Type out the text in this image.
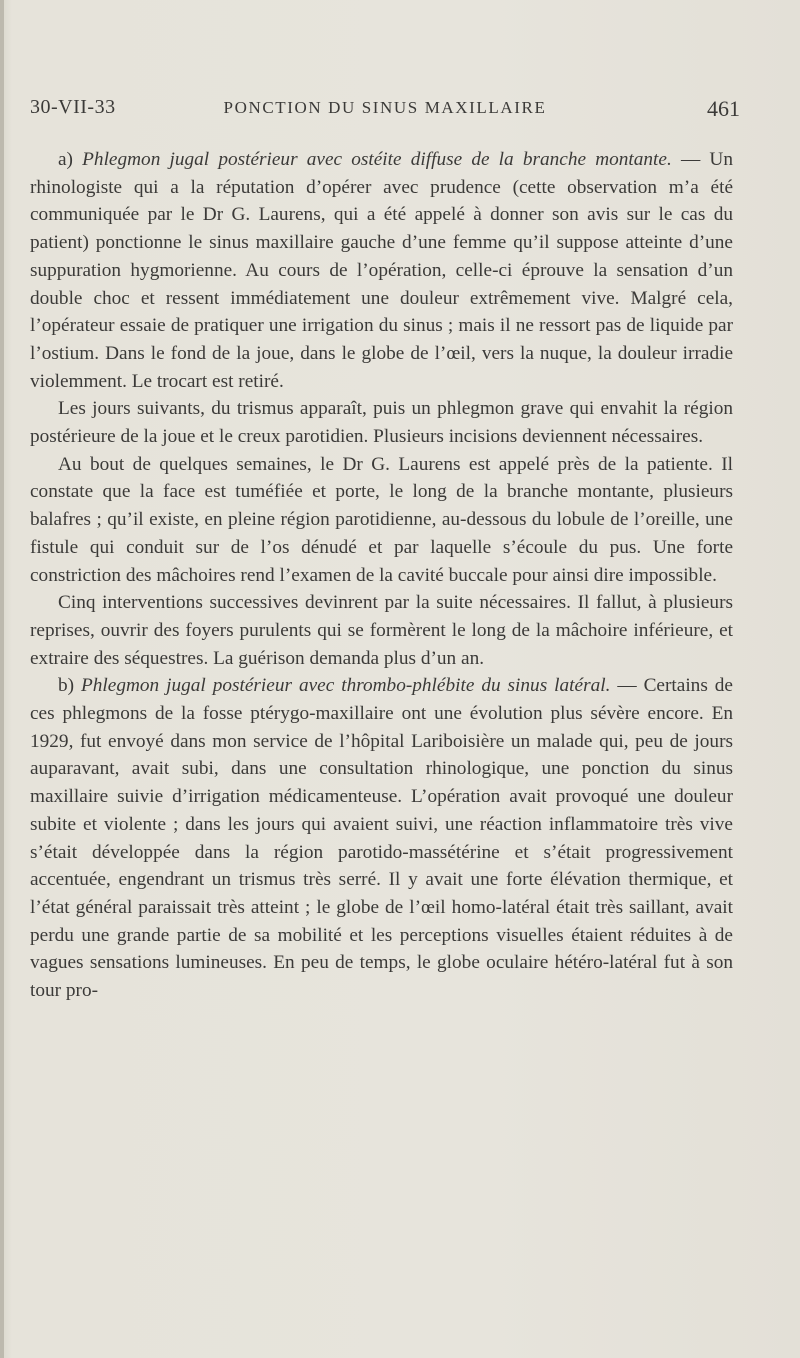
30-VII-33	PONCTION DU SINUS MAXILLAIRE	461

a) Phlegmon jugal postérieur avec ostéite diffuse de la branche montante. — Un rhinologiste qui a la réputation d’opérer avec prudence (cette observation m’a été communiquée par le Dr G. Laurens, qui a été appelé à donner son avis sur le cas du patient) ponctionne le sinus maxillaire gauche d’une femme qu’il suppose atteinte d’une suppuration hygmorienne. Au cours de l’opération, celle-ci éprouve la sensation d’un double choc et ressent immédiatement une douleur extrêmement vive. Malgré cela, l’opérateur essaie de pratiquer une irrigation du sinus ; mais il ne ressort pas de liquide par l’ostium. Dans le fond de la joue, dans le globe de l’œil, vers la nuque, la douleur irradie violemment. Le trocart est retiré.

Les jours suivants, du trismus apparaît, puis un phlegmon grave qui envahit la région postérieure de la joue et le creux parotidien. Plusieurs incisions deviennent nécessaires.

Au bout de quelques semaines, le Dr G. Laurens est appelé près de la patiente. Il constate que la face est tuméfiée et porte, le long de la branche montante, plusieurs balafres ; qu’il existe, en pleine région parotidienne, au-dessous du lobule de l’oreille, une fistule qui conduit sur de l’os dénudé et par laquelle s’écoule du pus. Une forte constriction des mâchoires rend l’examen de la cavité buccale pour ainsi dire impossible.

Cinq interventions successives devinrent par la suite nécessaires. Il fallut, à plusieurs reprises, ouvrir des foyers purulents qui se formèrent le long de la mâchoire inférieure, et extraire des séquestres. La guérison demanda plus d’un an.

b) Phlegmon jugal postérieur avec thrombo-phlébite du sinus latéral. — Certains de ces phlegmons de la fosse ptérygo-maxillaire ont une évolution plus sévère encore. En 1929, fut envoyé dans mon service de l’hôpital Lariboisière un malade qui, peu de jours auparavant, avait subi, dans une consultation rhinologique, une ponction du sinus maxillaire suivie d’irrigation médicamenteuse. L’opération avait provoqué une douleur subite et violente ; dans les jours qui avaient suivi, une réaction inflammatoire très vive s’était développée dans la région parotido-massétérine et s’était progressivement accentuée, engendrant un trismus très serré. Il y avait une forte élévation thermique, et l’état général paraissait très atteint ; le globe de l’œil homo-latéral était très saillant, avait perdu une grande partie de sa mobilité et les perceptions visuelles étaient réduites à de vagues sensations lumineuses. En peu de temps, le globe oculaire hétéro-latéral fut à son tour pro-
